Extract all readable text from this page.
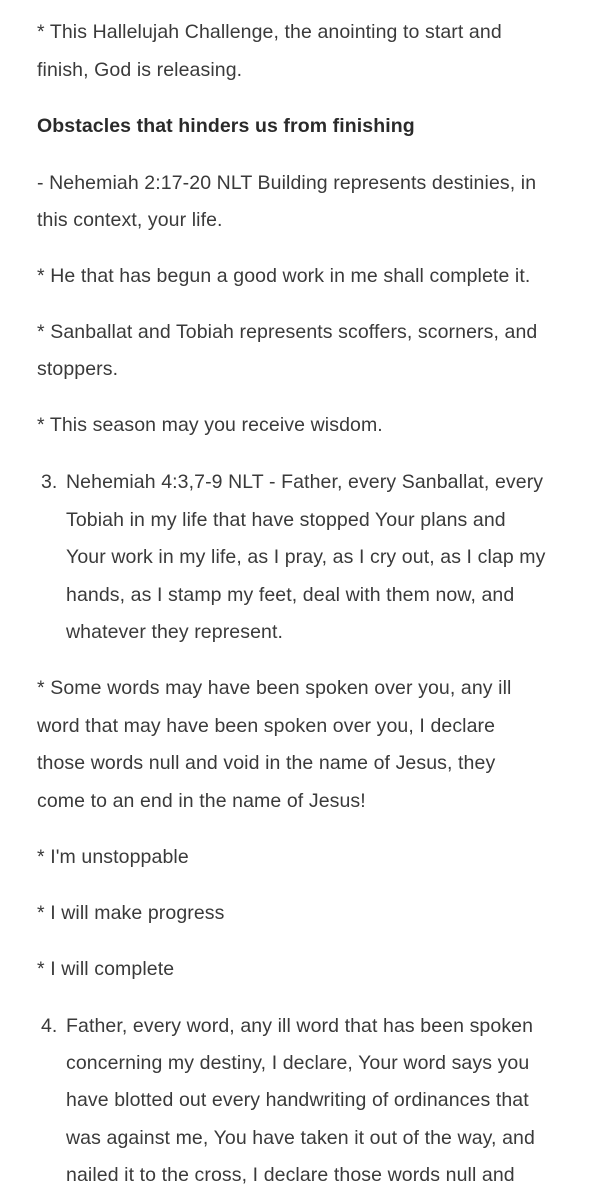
* This Hallelujah Challenge, the anointing to start and
finish, God is releasing.
Obstacles that hinders us from finishing
- Nehemiah 2:17-20 NLT Building represents destinies, in
this context, your life.
* He that has begun a good work in me shall complete it.
* Sanballat and Tobiah represents scoffers, scorners, and
stoppers.
* This season may you receive wisdom.
3. Nehemiah 4:3,7-9 NLT - Father, every Sanballat, every
Tobiah in my life that have stopped Your plans and
Your work in my life, as I pray, as I cry out, as I clap my
hands, as I stamp my feet, deal with them now, and
whatever they represent.
* Some words may have been spoken over you, any ill
word that may have been spoken over you, I declare
those words null and void in the name of Jesus, they
come to an end in the name of Jesus!
* I'm unstoppable
* I will make progress
* I will complete
4. Father, every word, any ill word that has been spoken
concerning my destiny, I declare, Your word says you
have blotted out every handwriting of ordinances that
was against me, You have taken it out of the way, and
nailed it to the cross, I declare those words null and
